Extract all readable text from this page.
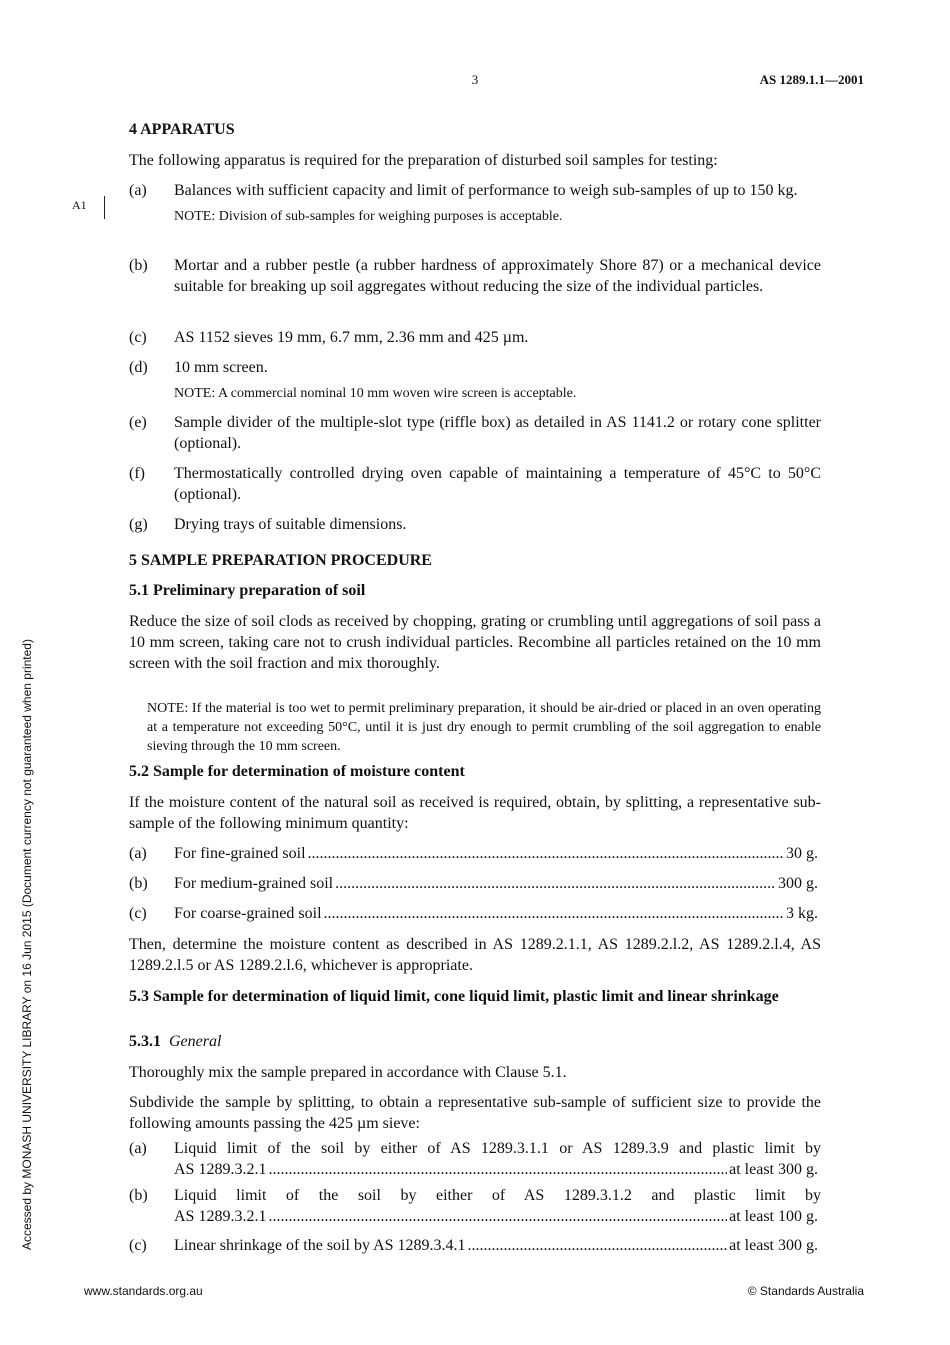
3	AS 1289.1.1—2001
Accessed by MONASH UNIVERSITY LIBRARY on 16 Jun 2015 (Document currency not guaranteed when printed)
A1
4 APPARATUS
The following apparatus is required for the preparation of disturbed soil samples for testing:
(a) Balances with sufficient capacity and limit of performance to weigh sub-samples of up to 150 kg.
NOTE: Division of sub-samples for weighing purposes is acceptable.
(b) Mortar and a rubber pestle (a rubber hardness of approximately Shore 87) or a mechanical device suitable for breaking up soil aggregates without reducing the size of the individual particles.
(c) AS 1152 sieves 19 mm, 6.7 mm, 2.36 mm and 425 µm.
(d) 10 mm screen.
NOTE: A commercial nominal 10 mm woven wire screen is acceptable.
(e) Sample divider of the multiple-slot type (riffle box) as detailed in AS 1141.2 or rotary cone splitter (optional).
(f) Thermostatically controlled drying oven capable of maintaining a temperature of 45°C to 50°C (optional).
(g) Drying trays of suitable dimensions.
5 SAMPLE PREPARATION PROCEDURE
5.1 Preliminary preparation of soil
Reduce the size of soil clods as received by chopping, grating or crumbling until aggregations of soil pass a 10 mm screen, taking care not to crush individual particles. Recombine all particles retained on the 10 mm screen with the soil fraction and mix thoroughly.
NOTE: If the material is too wet to permit preliminary preparation, it should be air-dried or placed in an oven operating at a temperature not exceeding 50°C, until it is just dry enough to permit crumbling of the soil aggregation to enable sieving through the 10 mm screen.
5.2 Sample for determination of moisture content
If the moisture content of the natural soil as received is required, obtain, by splitting, a representative sub-sample of the following minimum quantity:
(a) For fine-grained soil .....	30 g.
(b) For medium-grained soil .....	300 g.
(c) For coarse-grained soil .....	3 kg.
Then, determine the moisture content as described in AS 1289.2.1.1, AS 1289.2.l.2, AS 1289.2.l.4, AS 1289.2.l.5 or AS 1289.2.l.6, whichever is appropriate.
5.3 Sample for determination of liquid limit, cone liquid limit, plastic limit and linear shrinkage
5.3.1 General
Thoroughly mix the sample prepared in accordance with Clause 5.1.
Subdivide the sample by splitting, to obtain a representative sub-sample of sufficient size to provide the following amounts passing the 425 µm sieve:
(a) Liquid limit of the soil by either of AS 1289.3.1.1 or AS 1289.3.9 and plastic limit by
AS 1289.3.2.1 .....	at least 300 g.
(b) Liquid limit of the soil by either of AS 1289.3.1.2 and plastic limit by
AS 1289.3.2.1 .....	at least 100 g.
(c) Linear shrinkage of the soil by AS 1289.3.4.1 .....	at least 300 g.
www.standards.org.au	© Standards Australia
